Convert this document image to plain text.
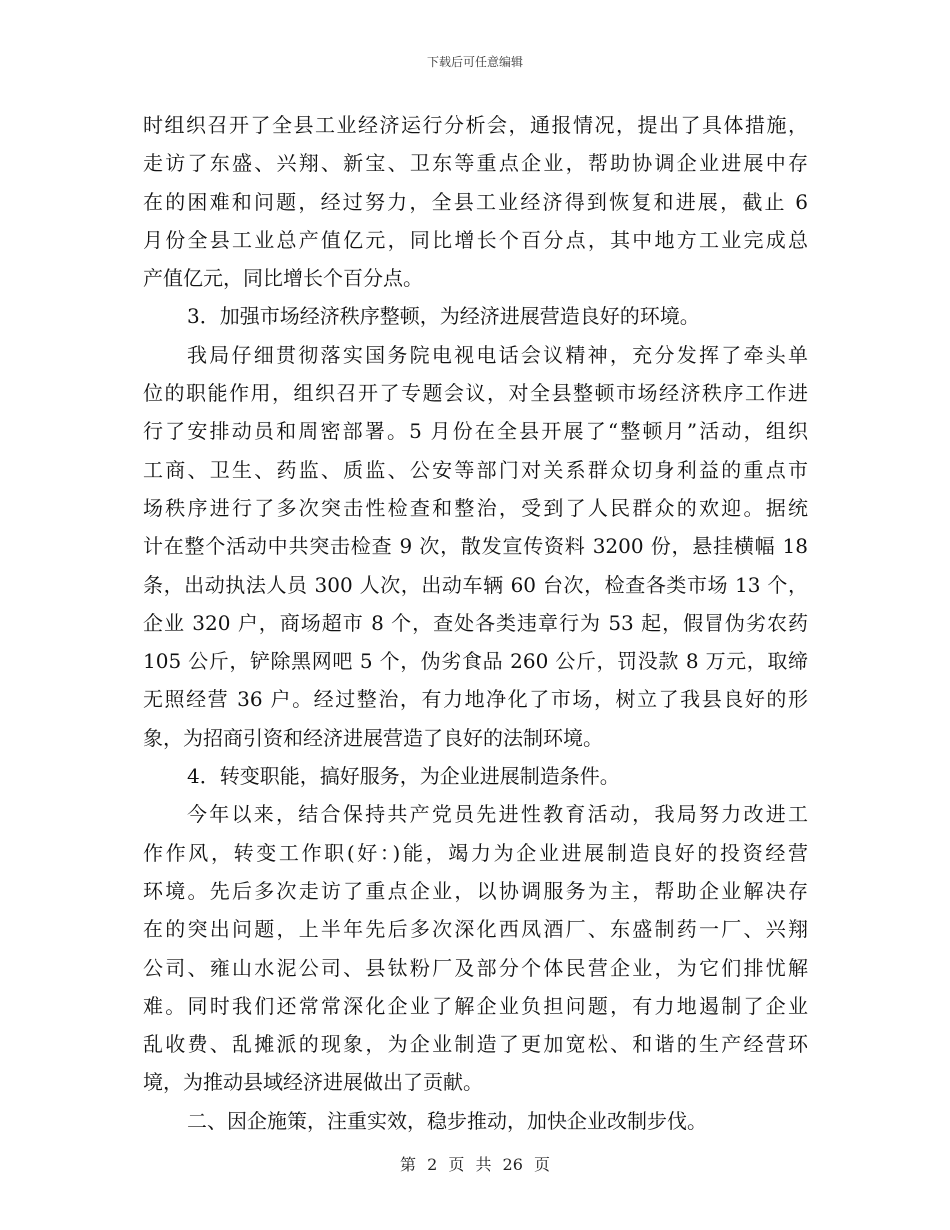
下载后可任意编辑
时组织召开了全县工业经济运行分析会，通报情况，提出了具体措施，
走访了东盛、兴翔、新宝、卫东等重点企业，帮助协调企业进展中存
在的困难和问题，经过努力，全县工业经济得到恢复和进展，截止 6
月份全县工业总产值亿元，同比增长个百分点，其中地方工业完成总
产值亿元，同比增长个百分点。
3．加强市场经济秩序整顿，为经济进展营造良好的环境。
我局仔细贯彻落实国务院电视电话会议精神，充分发挥了牵头单
位的职能作用，组织召开了专题会议，对全县整顿市场经济秩序工作进
行了安排动员和周密部署。5 月份在全县开展了“整顿月”活动，组织
工商、卫生、药监、质监、公安等部门对关系群众切身利益的重点市
场秩序进行了多次突击性检查和整治，受到了人民群众的欢迎。据统
计在整个活动中共突击检查 9 次，散发宣传资料 3200 份，悬挂横幅 18
条，出动执法人员 300 人次，出动车辆 60 台次，检查各类市场 13 个，
企业 320 户，商场超市 8 个，查处各类违章行为 53 起，假冒伪劣农药
105 公斤，铲除黑网吧 5 个，伪劣食品 260 公斤，罚没款 8 万元，取缔
无照经营 36 户。经过整治，有力地净化了市场，树立了我县良好的形
象，为招商引资和经济进展营造了良好的法制环境。
4．转变职能，搞好服务，为企业进展制造条件。
今年以来，结合保持共产党员先进性教育活动，我局努力改进工
作作风，转变工作职(好：)能，竭力为企业进展制造良好的投资经营
环境。先后多次走访了重点企业，以协调服务为主，帮助企业解决存
在的突出问题，上半年先后多次深化西凤酒厂、东盛制药一厂、兴翔
公司、雍山水泥公司、县钛粉厂及部分个体民营企业，为它们排忧解
难。同时我们还常常深化企业了解企业负担问题，有力地遏制了企业
乱收费、乱摊派的现象，为企业制造了更加宽松、和谐的生产经营环
境，为推动县域经济进展做出了贡献。
二、因企施策，注重实效，稳步推动，加快企业改制步伐。
第 2 页 共 26 页
